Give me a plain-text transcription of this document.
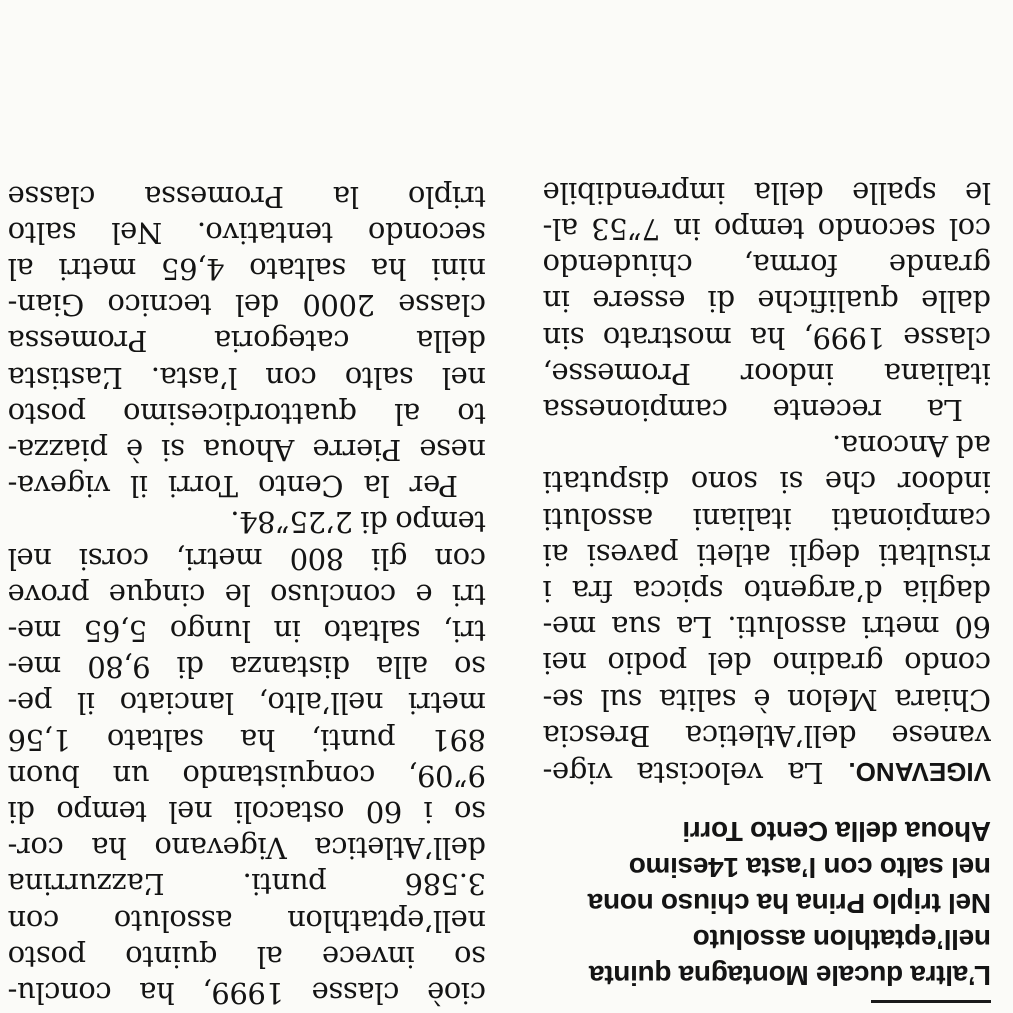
L’altra ducale Montagna quinta
nell’eptathlon assoluto
Nel triplo Prina ha chiuso nona
nel salto con l’asta 14esimo
Ahoua della Cento Torri
VIGEVANO. La velocista vige-
vanese dell’Atletica Brescia
Chiara Melon è salita sul se-
condo gradino del podio nei
60 metri assoluti. La sua me-
daglia d’argento spicca fra i
risultati degli atleti pavesi ai
campionati italiani assoluti
indoor che si sono disputati
ad Ancona.
La recente campionessa
italiana indoor Promesse,
classe 1999, ha mostrato sin
dalle qualifiche di essere in
grande forma, chiudendo
col secondo tempo in 7”53 al-
le spalle della imprendibile
cioè classe 1999, ha conclu-
so invece al quinto posto
nell’eptathlon assoluto con
3.586 punti. L’azzurrina
dell’Atletica Vigevano ha cor-
so i 60 ostacoli nel tempo di
9”09, conquistando un buon
891 punti, ha saltato 1,56
metri nell’alto, lanciato il pe-
so alla distanza di 9,80 me-
tri, saltato in lungo 5,65 me-
tri e concluso le cinque prove
con gli 800 metri, corsi nel
tempo di 2’25”84.
Per la Cento Torri il vigeva-
nese Pierre Ahoua si è piazza-
to al quattordicesimo posto
nel salto con l’asta. L’astista
della categoria Promessa
classe 2000 del tecnico Gian-
nini ha saltato 4,65 metri al
secondo tentativo. Nel salto
triplo la Promessa classe
